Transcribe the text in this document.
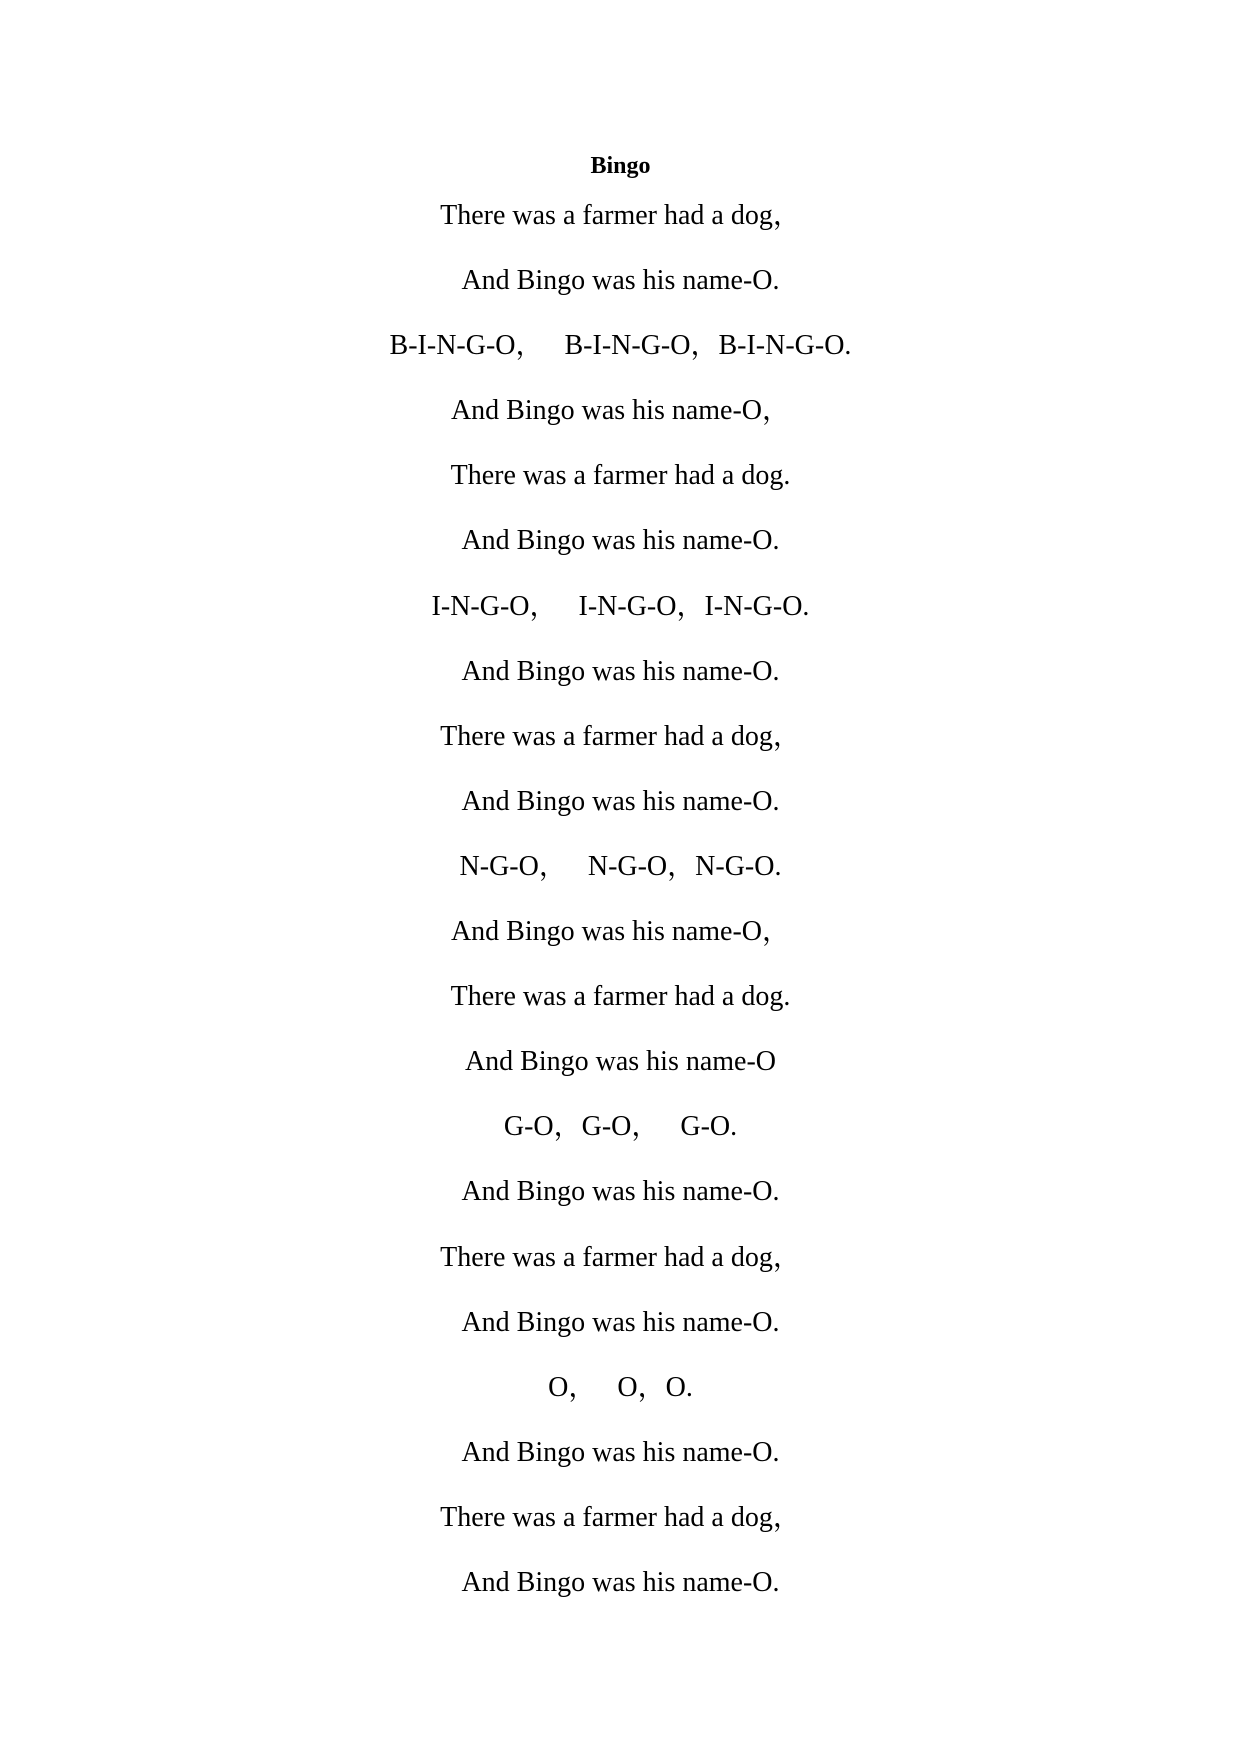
Bingo
There was a farmer had a dog，
And Bingo was his name-O.
B-I-N-G-O，   B-I-N-G-O，B-I-N-G-O.
And Bingo was his name-O，
There was a farmer had a dog.
And Bingo was his name-O.
I-N-G-O，   I-N-G-O，I-N-G-O.
And Bingo was his name-O.
There was a farmer had a dog，
And Bingo was his name-O.
N-G-O，   N-G-O，N-G-O.
And Bingo was his name-O，
There was a farmer had a dog.
And Bingo was his name-O
G-O，G-O，   G-O.
And Bingo was his name-O.
There was a farmer had a dog，
And Bingo was his name-O.
O，   O，O.
And Bingo was his name-O.
There was a farmer had a dog，
And Bingo was his name-O.
